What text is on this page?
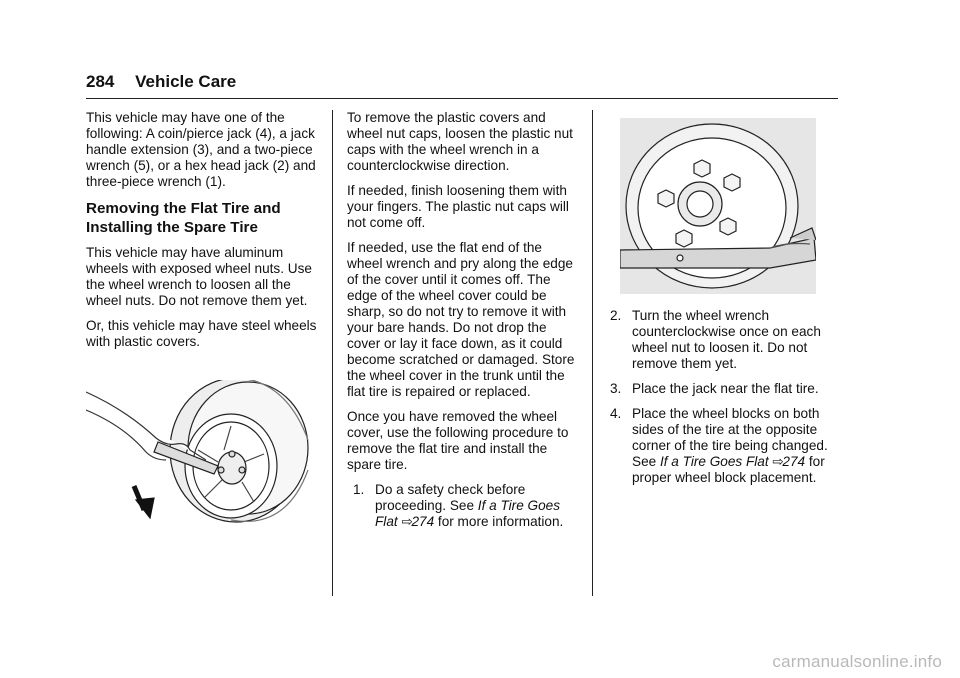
284 Vehicle Care

This vehicle may have one of the following: A coin/pierce jack (4), a jack handle extension (3), and a two-piece wrench (5), or a hex head jack (2) and three-piece wrench (1).

Removing the Flat Tire and Installing the Spare Tire

This vehicle may have aluminum wheels with exposed wheel nuts. Use the wheel wrench to loosen all the wheel nuts. Do not remove them yet.

Or, this vehicle may have steel wheels with plastic covers.

To remove the plastic covers and wheel nut caps, loosen the plastic nut caps with the wheel wrench in a counterclockwise direction.

If needed, finish loosening them with your fingers. The plastic nut caps will not come off.

If needed, use the flat end of the wheel wrench and pry along the edge of the cover until it comes off. The edge of the wheel cover could be sharp, so do not try to remove it with your bare hands. Do not drop the cover or lay it face down, as it could become scratched or damaged. Store the wheel cover in the trunk until the flat tire is repaired or replaced.

Once you have removed the wheel cover, use the following procedure to remove the flat tire and install the spare tire.

1. Do a safety check before proceeding. See If a Tire Goes Flat ⇨274 for more information.
2. Turn the wheel wrench counterclockwise once on each wheel nut to loosen it. Do not remove them yet.
3. Place the jack near the flat tire.
4. Place the wheel blocks on both sides of the tire at the opposite corner of the tire being changed. See If a Tire Goes Flat ⇨274 for proper wheel block placement.
carmanualsonline.info
